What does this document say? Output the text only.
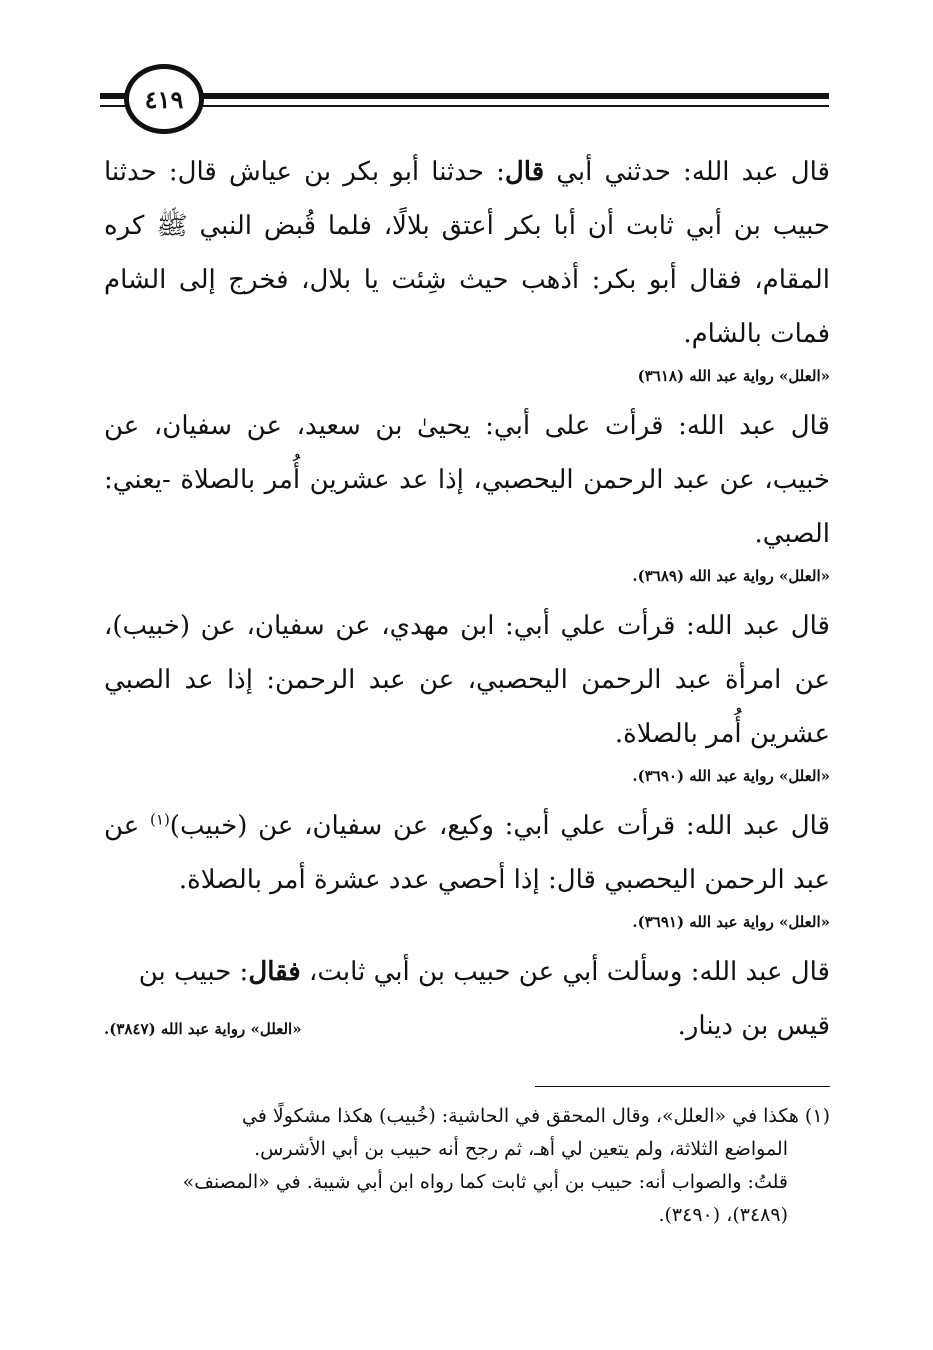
٤١٩

قال عبد الله: حدثني أبي قال: حدثنا أبو بكر بن عياش قال: حدثنا حبيب بن أبي ثابت أن أبا بكر أعتق بلالًا، فلما قُبض النبي ﷺ كره المقام، فقال أبو بكر: أذهب حيث شِئت يا بلال، فخرج إلى الشام فمات بالشام.

«العلل» رواية عبد الله (٣٦١٨)

قال عبد الله: قرأت على أبي: يحيىٰ بن سعيد، عن سفيان، عن خبيب، عن عبد الرحمن اليحصبي، إذا عد عشرين أُمر بالصلاة -يعني: الصبي.

«العلل» رواية عبد الله (٣٦٨٩).

قال عبد الله: قرأت علي أبي: ابن مهدي، عن سفيان، عن (خبيب)، عن امرأة عبد الرحمن اليحصبي، عن عبد الرحمن: إذا عد الصبي عشرين أُمر بالصلاة.

«العلل» رواية عبد الله (٣٦٩٠).

قال عبد الله: قرأت علي أبي: وكيع، عن سفيان، عن (خبيب)$^{(١)}$ عن عبد الرحمن اليحصبي قال: إذا أحصي عدد عشرة أمر بالصلاة.

«العلل» رواية عبد الله (٣٦٩١).

قال عبد الله: وسألت أبي عن حبيب بن أبي ثابت، فقال: حبيب بن

قيس بن دينار.
«العلل» رواية عبد الله (٣٨٤٧).

(١) هكذا في «العلل»، وقال المحقق في الحاشية: (خُبيب) هكذا مشكولًا في

المواضع الثلاثة، ولم يتعين لي أهـ، ثم رجح أنه حبيب بن أبي الأشرس.

قلتُ: والصواب أنه: حبيب بن أبي ثابت كما رواه ابن أبي شيبة. في «المصنف»

(٣٤٨٩)، (٣٤٩٠).
